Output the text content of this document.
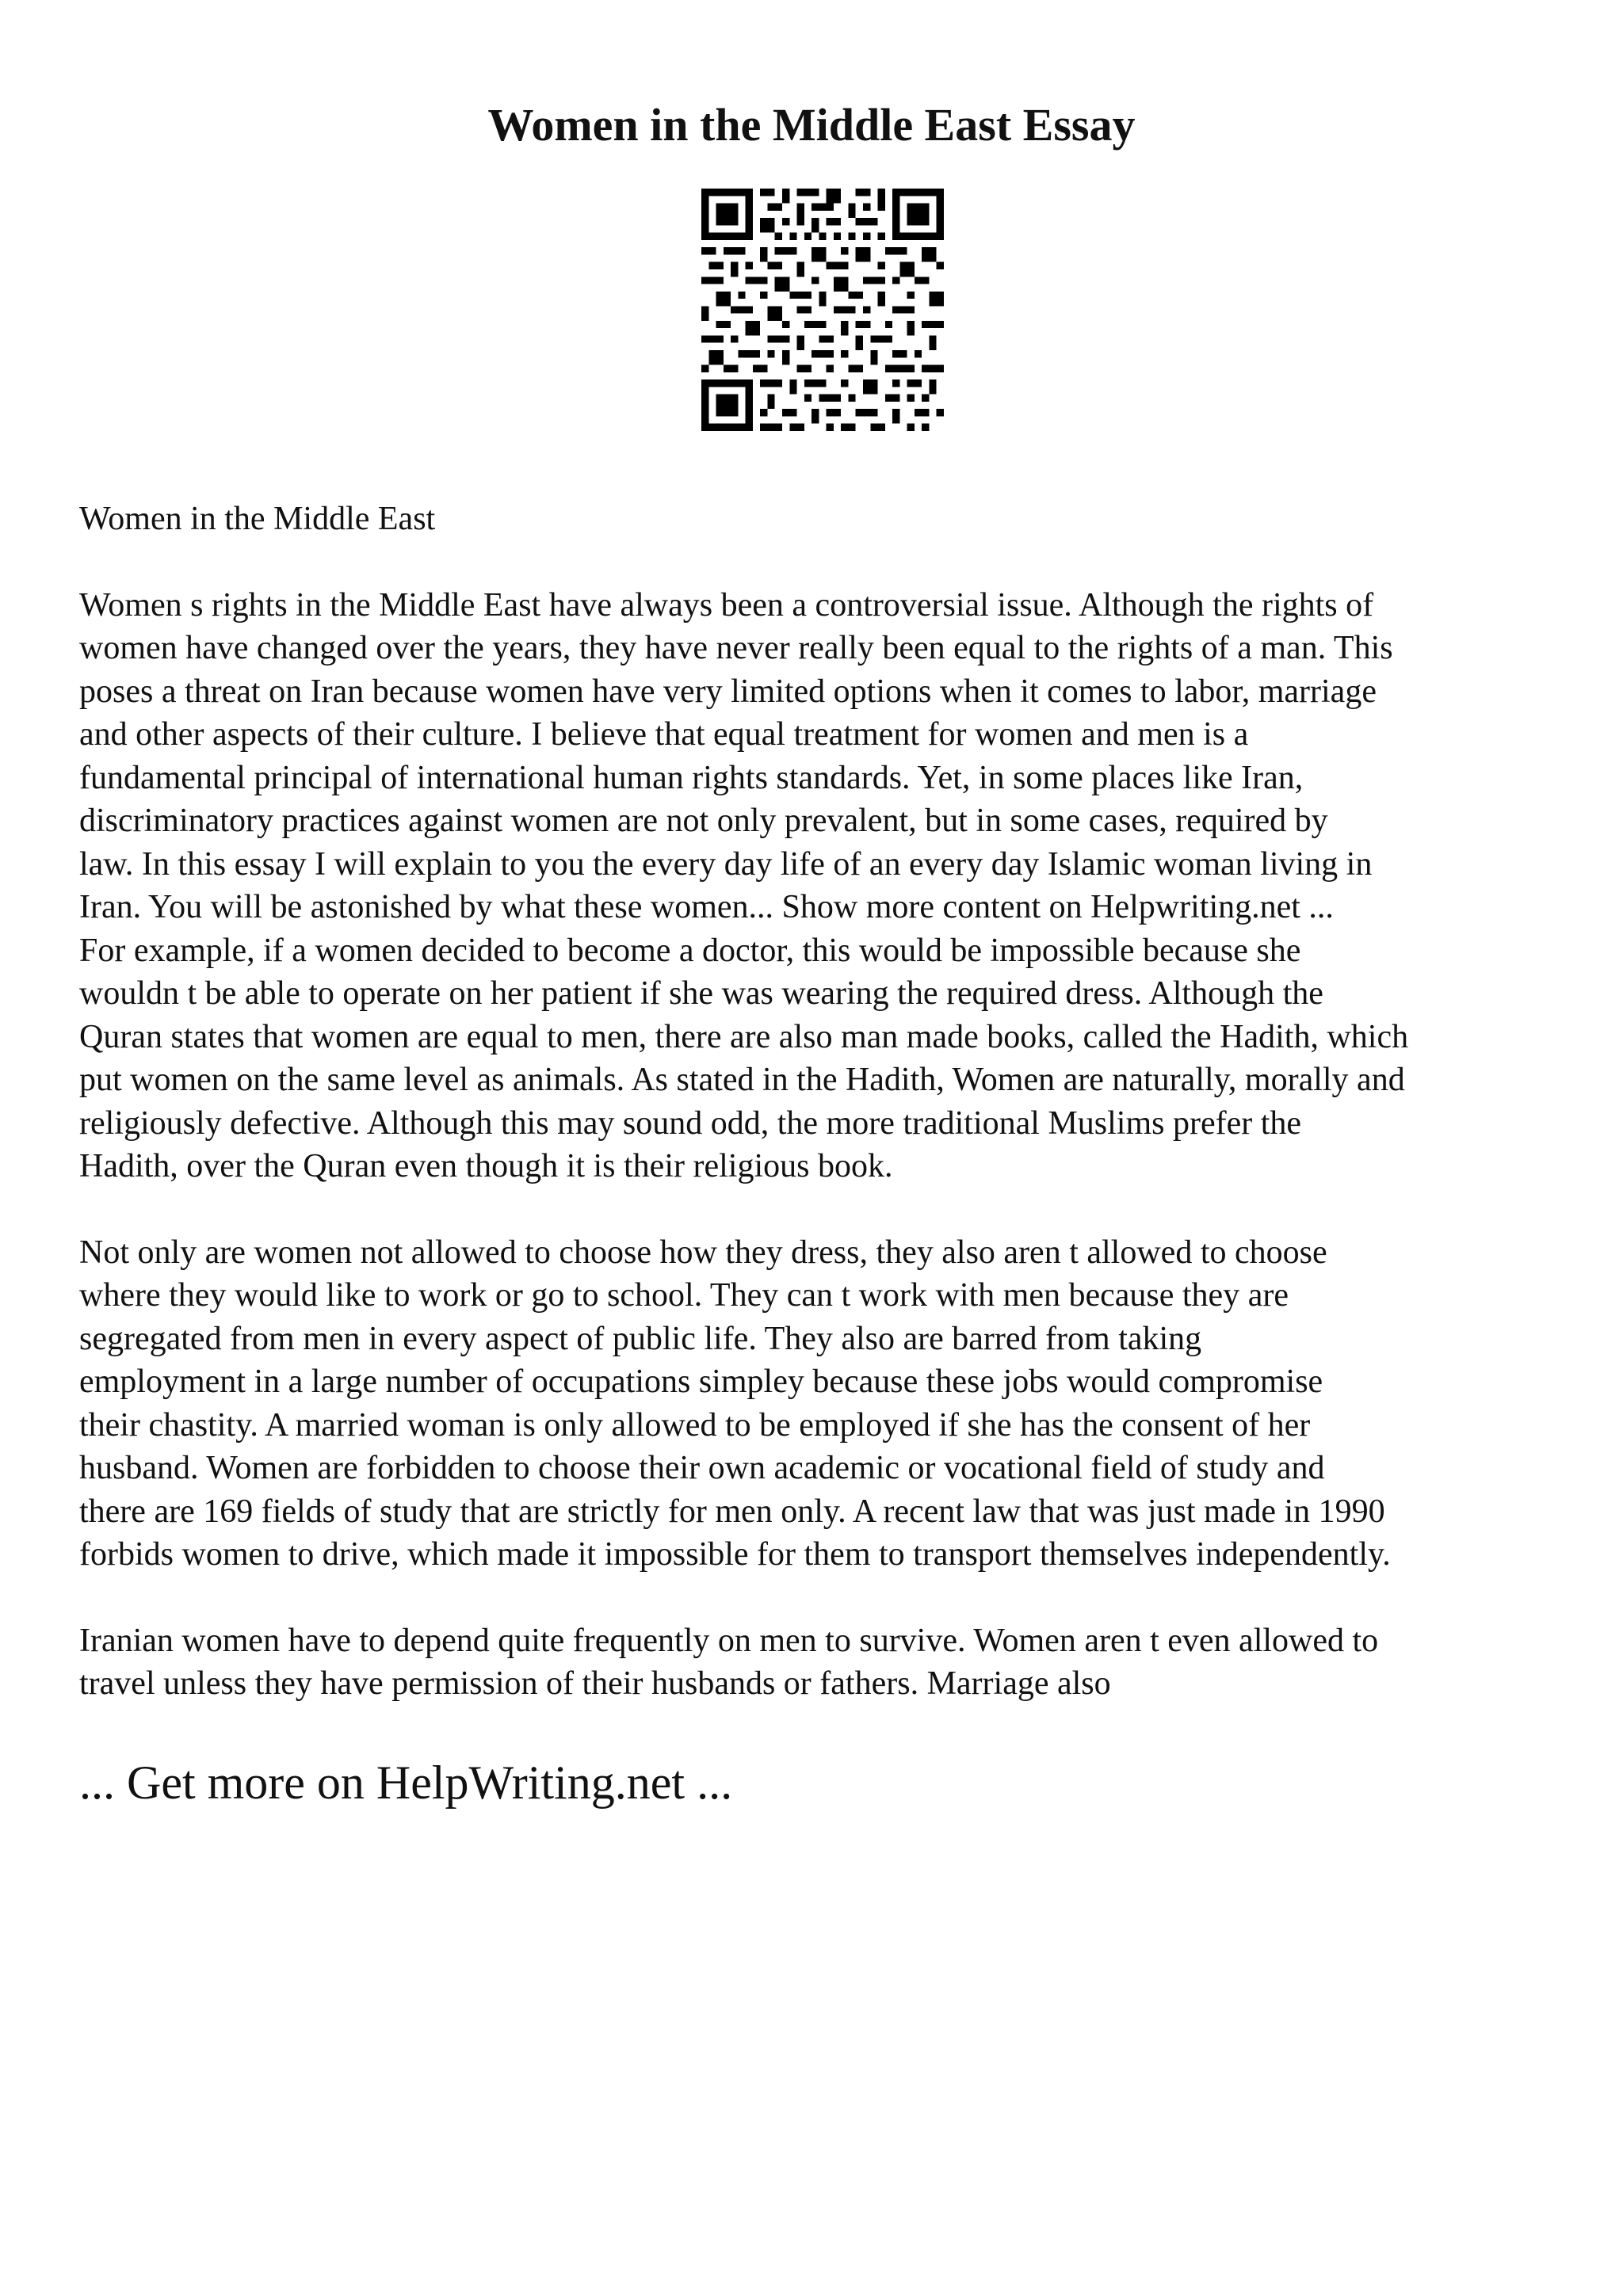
Women in the Middle East Essay

Women in the Middle East

Women s rights in the Middle East have always been a controversial issue. Although the rights of
women have changed over the years, they have never really been equal to the rights of a man. This
poses a threat on Iran because women have very limited options when it comes to labor, marriage
and other aspects of their culture. I believe that equal treatment for women and men is a
fundamental principal of international human rights standards. Yet, in some places like Iran,
discriminatory practices against women are not only prevalent, but in some cases, required by
law. In this essay I will explain to you the every day life of an every day Islamic woman living in
Iran. You will be astonished by what these women... Show more content on Helpwriting.net ...
For example, if a women decided to become a doctor, this would be impossible because she
wouldn t be able to operate on her patient if she was wearing the required dress. Although the
Quran states that women are equal to men, there are also man made books, called the Hadith, which
put women on the same level as animals. As stated in the Hadith, Women are naturally, morally and
religiously defective. Although this may sound odd, the more traditional Muslims prefer the
Hadith, over the Quran even though it is their religious book.

Not only are women not allowed to choose how they dress, they also aren t allowed to choose
where they would like to work or go to school. They can t work with men because they are
segregated from men in every aspect of public life. They also are barred from taking
employment in a large number of occupations simpley because these jobs would compromise
their chastity. A married woman is only allowed to be employed if she has the consent of her
husband. Women are forbidden to choose their own academic or vocational field of study and
there are 169 fields of study that are strictly for men only. A recent law that was just made in 1990
forbids women to drive, which made it impossible for them to transport themselves independently.

Iranian women have to depend quite frequently on men to survive. Women aren t even allowed to
travel unless they have permission of their husbands or fathers. Marriage also

... Get more on HelpWriting.net ...
